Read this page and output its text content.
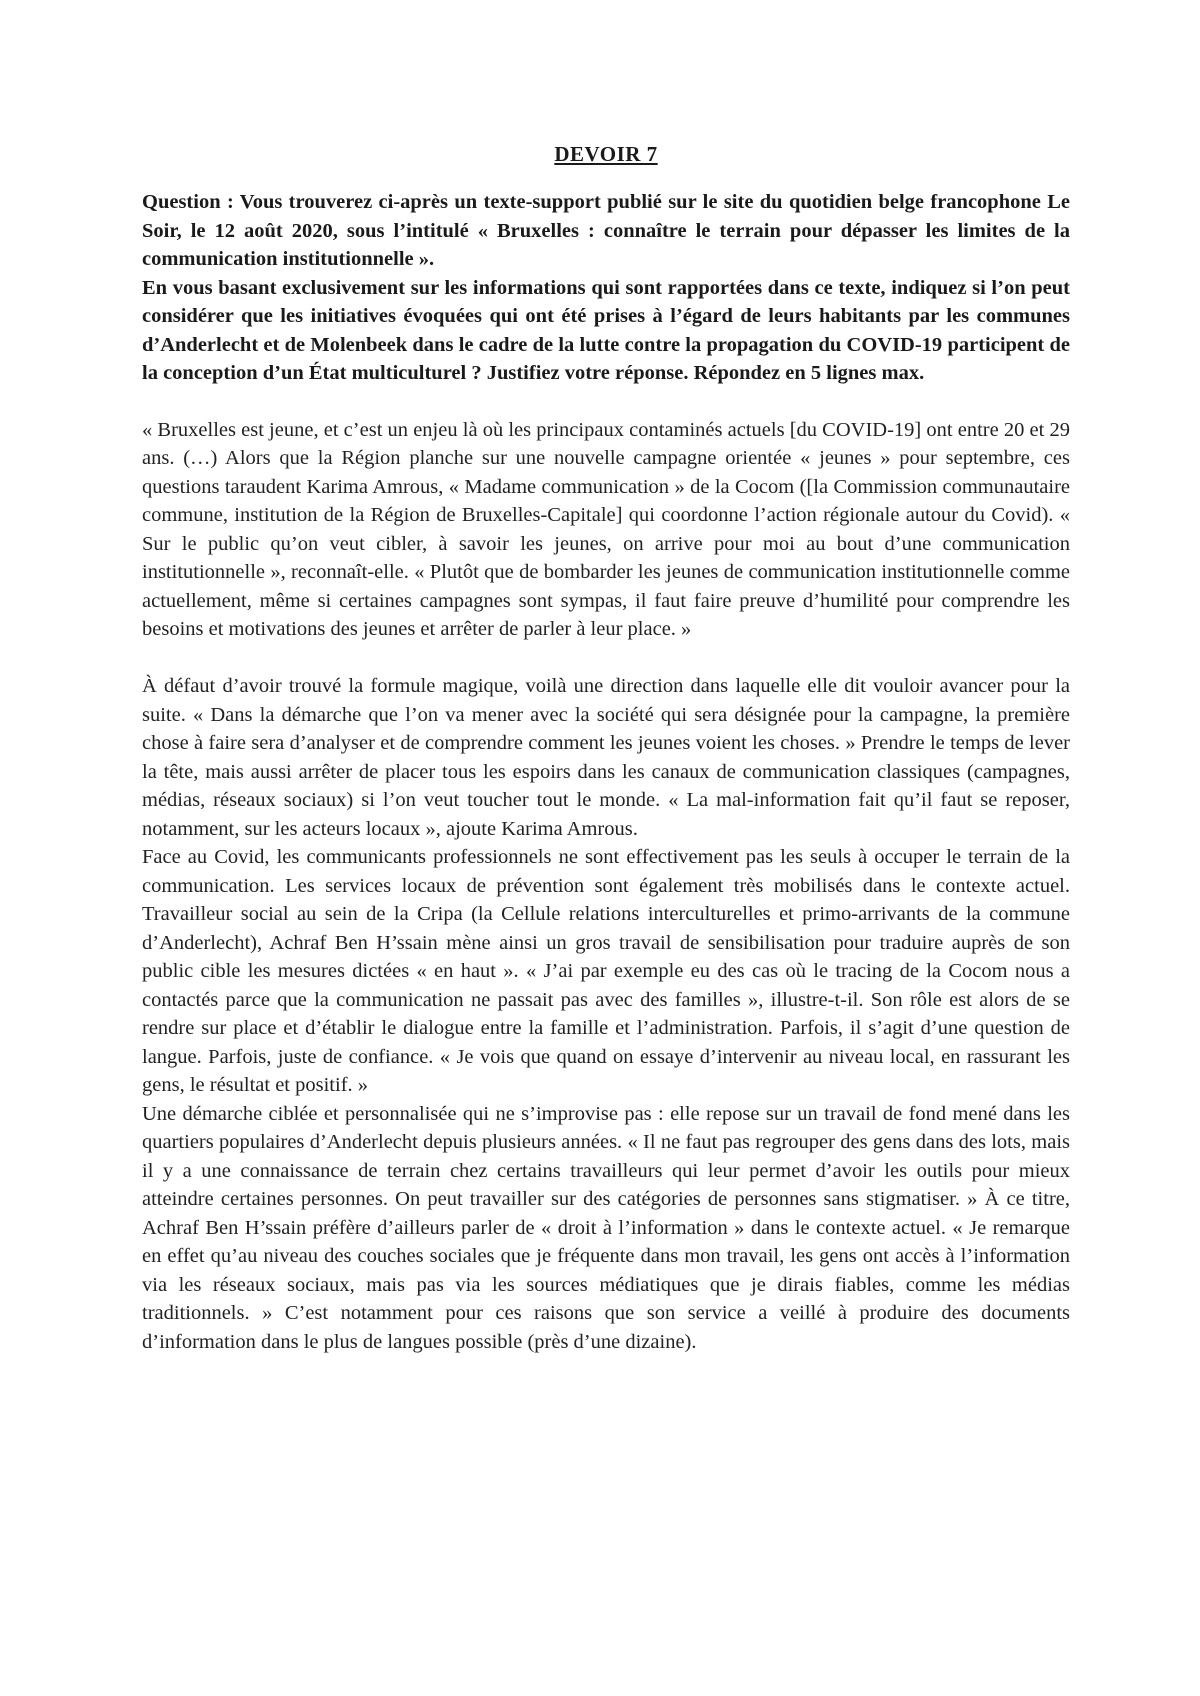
DEVOIR 7

Question : Vous trouverez ci-après un texte-support publié sur le site du quotidien belge francophone Le Soir, le 12 août 2020, sous l’intitulé « Bruxelles : connaître le terrain pour dépasser les limites de la communication institutionnelle ».

En vous basant exclusivement sur les informations qui sont rapportées dans ce texte, indiquez si l’on peut considérer que les initiatives évoquées qui ont été prises à l’égard de leurs habitants par les communes d’Anderlecht et de Molenbeek dans le cadre de la lutte contre la propagation du COVID-19 participent de la conception d’un État multiculturel ? Justifiez votre réponse. Répondez en 5 lignes max.

« Bruxelles est jeune, et c’est un enjeu là où les principaux contaminés actuels [du COVID-19] ont entre 20 et 29 ans. (…) Alors que la Région planche sur une nouvelle campagne orientée « jeunes » pour septembre, ces questions taraudent Karima Amrous, « Madame communication » de la Cocom ([la Commission communautaire commune, institution de la Région de Bruxelles-Capitale] qui coordonne l’action régionale autour du Covid). « Sur le public qu’on veut cibler, à savoir les jeunes, on arrive pour moi au bout d’une communication institutionnelle », reconnaît-elle. « Plutôt que de bombarder les jeunes de communication institutionnelle comme actuellement, même si certaines campagnes sont sympas, il faut faire preuve d’humilité pour comprendre les besoins et motivations des jeunes et arrêter de parler à leur place. »

À défaut d’avoir trouvé la formule magique, voilà une direction dans laquelle elle dit vouloir avancer pour la suite. « Dans la démarche que l’on va mener avec la société qui sera désignée pour la campagne, la première chose à faire sera d’analyser et de comprendre comment les jeunes voient les choses. » Prendre le temps de lever la tête, mais aussi arrêter de placer tous les espoirs dans les canaux de communication classiques (campagnes, médias, réseaux sociaux) si l’on veut toucher tout le monde. « La mal-information fait qu’il faut se reposer, notamment, sur les acteurs locaux », ajoute Karima Amrous.

Face au Covid, les communicants professionnels ne sont effectivement pas les seuls à occuper le terrain de la communication. Les services locaux de prévention sont également très mobilisés dans le contexte actuel. Travailleur social au sein de la Cripa (la Cellule relations interculturelles et primo-arrivants de la commune d’Anderlecht), Achraf Ben H’ssain mène ainsi un gros travail de sensibilisation pour traduire auprès de son public cible les mesures dictées « en haut ». « J’ai par exemple eu des cas où le tracing de la Cocom nous a contactés parce que la communication ne passait pas avec des familles », illustre-t-il. Son rôle est alors de se rendre sur place et d’établir le dialogue entre la famille et l’administration. Parfois, il s’agit d’une question de langue. Parfois, juste de confiance. « Je vois que quand on essaye d’intervenir au niveau local, en rassurant les gens, le résultat et positif. »

Une démarche ciblée et personnalisée qui ne s’improvise pas : elle repose sur un travail de fond mené dans les quartiers populaires d’Anderlecht depuis plusieurs années. « Il ne faut pas regrouper des gens dans des lots, mais il y a une connaissance de terrain chez certains travailleurs qui leur permet d’avoir les outils pour mieux atteindre certaines personnes. On peut travailler sur des catégories de personnes sans stigmatiser. » À ce titre, Achraf Ben H’ssain préfère d’ailleurs parler de « droit à l’information » dans le contexte actuel. « Je remarque en effet qu’au niveau des couches sociales que je fréquente dans mon travail, les gens ont accès à l’information via les réseaux sociaux, mais pas via les sources médiatiques que je dirais fiables, comme les médias traditionnels. » C’est notamment pour ces raisons que son service a veillé à produire des documents d’information dans le plus de langues possible (près d’une dizaine).
